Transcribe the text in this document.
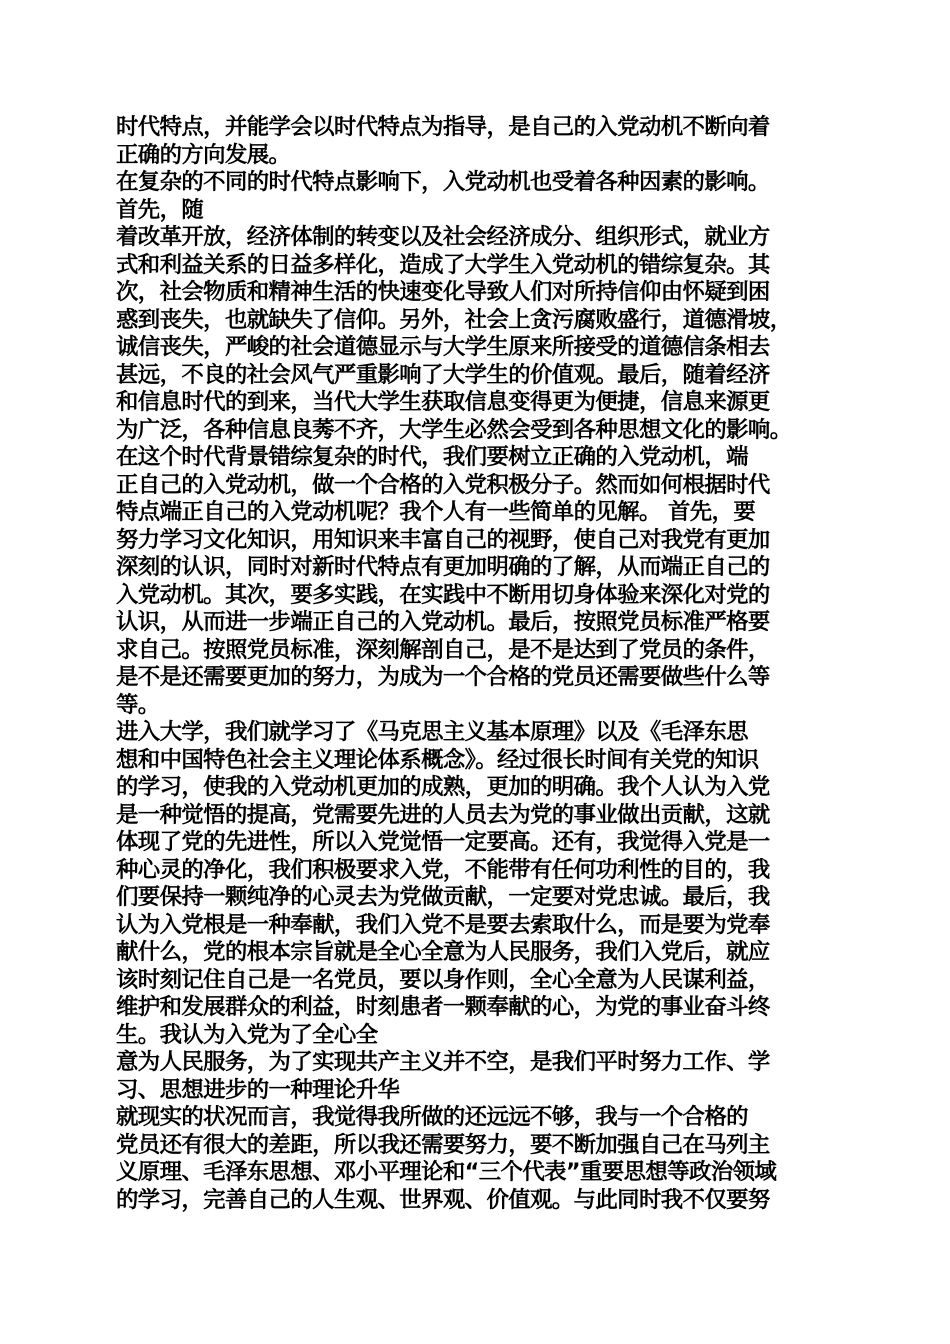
时代特点，并能学会以时代特点为指导，是自己的入党动机不断向着
正确的方向发展。
在复杂的不同的时代特点影响下，入党动机也受着各种因素的影响。
首先，随
着改革开放，经济体制的转变以及社会经济成分、组织形式，就业方
式和利益关系的日益多样化，造成了大学生入党动机的错综复杂。其
次，社会物质和精神生活的快速变化导致人们对所持信仰由怀疑到困
惑到丧失，也就缺失了信仰。另外，社会上贪污腐败盛行，道德滑坡，
诚信丧失，严峻的社会道德显示与大学生原来所接受的道德信条相去
甚远，不良的社会风气严重影响了大学生的价值观。最后，随着经济
和信息时代的到来，当代大学生获取信息变得更为便捷，信息来源更
为广泛，各种信息良莠不齐，大学生必然会受到各种思想文化的影响。
在这个时代背景错综复杂的时代，我们要树立正确的入党动机，端
正自己的入党动机，做一个合格的入党积极分子。然而如何根据时代
特点端正自己的入党动机呢？我个人有一些简单的见解。 首先，要
努力学习文化知识，用知识来丰富自己的视野，使自己对我党有更加
深刻的认识，同时对新时代特点有更加明确的了解，从而端正自己的
入党动机。其次，要多实践，在实践中不断用切身体验来深化对党的
认识，从而进一步端正自己的入党动机。最后，按照党员标准严格要
求自己。按照党员标准，深刻解剖自己，是不是达到了党员的条件，
是不是还需要更加的努力，为成为一个合格的党员还需要做些什么等
等。
进入大学，我们就学习了《马克思主义基本原理》以及《毛泽东思
想和中国特色社会主义理论体系概念》。经过很长时间有关党的知识
的学习，使我的入党动机更加的成熟，更加的明确。我个人认为入党
是一种觉悟的提高，党需要先进的人员去为党的事业做出贡献，这就
体现了党的先进性，所以入党觉悟一定要高。还有，我觉得入党是一
种心灵的净化，我们积极要求入党，不能带有任何功利性的目的，我
们要保持一颗纯净的心灵去为党做贡献，一定要对党忠诚。最后，我
认为入党根是一种奉献，我们入党不是要去索取什么，而是要为党奉
献什么，党的根本宗旨就是全心全意为人民服务，我们入党后，就应
该时刻记住自己是一名党员，要以身作则，全心全意为人民谋利益，
维护和发展群众的利益，时刻患者一颗奉献的心，为党的事业奋斗终
生。我认为入党为了全心全
意为人民服务，为了实现共产主义并不空，是我们平时努力工作、学
习、思想进步的一种理论升华
就现实的状况而言，我觉得我所做的还远远不够，我与一个合格的
党员还有很大的差距，所以我还需要努力，要不断加强自己在马列主
义原理、毛泽东思想、邓小平理论和“三个代表”重要思想等政治领域
的学习，完善自己的人生观、世界观、价值观。与此同时我不仅要努
